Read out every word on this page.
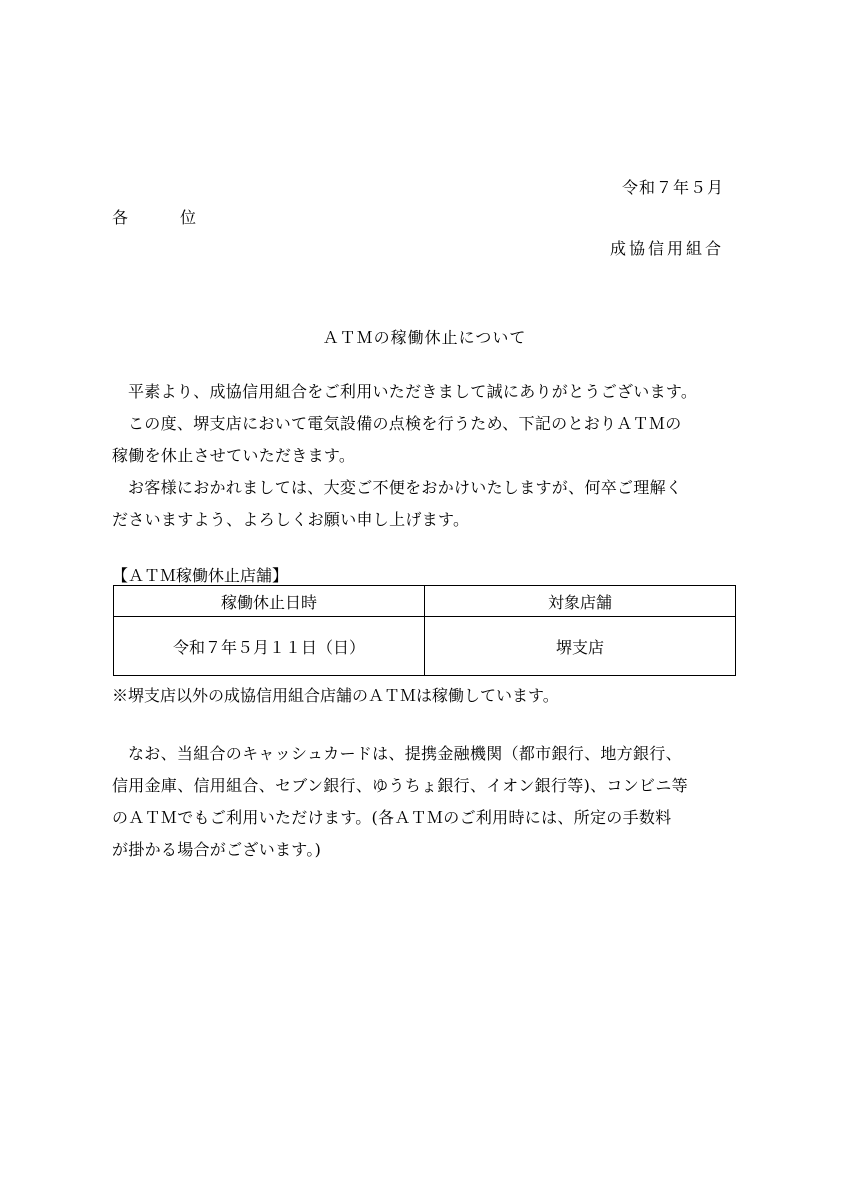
令和７年５月
各	位
成協信用組合
ＡＴＭの稼働休止について
平素より、成協信用組合をご利用いただきまして誠にありがとうございます。
この度、堺支店において電気設備の点検を行うため、下記のとおりＡＴＭの
稼働を休止させていただきます。
お客様におかれましては、大変ご不便をおかけいたしますが、何卒ご理解く
ださいますよう、よろしくお願い申し上げます。
【ＡＴＭ稼働休止店舗】
稼働休止日時	対象店舗
令和７年５月１１日（日）	堺支店
※堺支店以外の成協信用組合店舗のＡＴＭは稼働しています。
なお、当組合のキャッシュカードは、提携金融機関（都市銀行、地方銀行、
信用金庫、信用組合、セブン銀行、ゆうちょ銀行、イオン銀行等)、コンビニ等
のＡＴＭでもご利用いただけます。(各ＡＴＭのご利用時には、所定の手数料
が掛かる場合がございます。)
